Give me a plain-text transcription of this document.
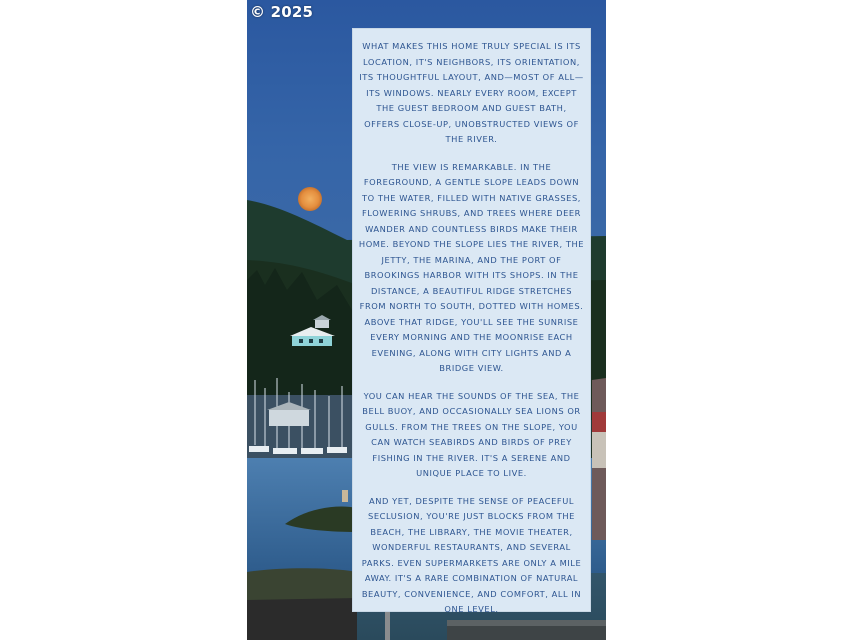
© 2025

WHAT MAKES THIS HOME TRULY SPECIAL IS ITS LOCATION, IT'S NEIGHBORS, ITS ORIENTATION, ITS THOUGHTFUL LAYOUT, AND—MOST OF ALL—ITS WINDOWS. NEARLY EVERY ROOM, EXCEPT THE GUEST BEDROOM AND GUEST BATH, OFFERS CLOSE-UP, UNOBSTRUCTED VIEWS OF THE RIVER.

THE VIEW IS REMARKABLE. IN THE FOREGROUND, A GENTLE SLOPE LEADS DOWN TO THE WATER, FILLED WITH NATIVE GRASSES, FLOWERING SHRUBS, AND TREES WHERE DEER WANDER AND COUNTLESS BIRDS MAKE THEIR HOME. BEYOND THE SLOPE LIES THE RIVER, THE JETTY, THE MARINA, AND THE PORT OF BROOKINGS HARBOR WITH ITS SHOPS. IN THE DISTANCE, A BEAUTIFUL RIDGE STRETCHES FROM NORTH TO SOUTH, DOTTED WITH HOMES. ABOVE THAT RIDGE, YOU'LL SEE THE SUNRISE EVERY MORNING AND THE MOONRISE EACH EVENING, ALONG WITH CITY LIGHTS AND A BRIDGE VIEW.

YOU CAN HEAR THE SOUNDS OF THE SEA, THE BELL BUOY, AND OCCASIONALLY SEA LIONS OR GULLS. FROM THE TREES ON THE SLOPE, YOU CAN WATCH SEABIRDS AND BIRDS OF PREY FISHING IN THE RIVER. IT'S A SERENE AND UNIQUE PLACE TO LIVE.

AND YET, DESPITE THE SENSE OF PEACEFUL SECLUSION, YOU'RE JUST BLOCKS FROM THE BEACH, THE LIBRARY, THE MOVIE THEATER, WONDERFUL RESTAURANTS, AND SEVERAL PARKS. EVEN SUPERMARKETS ARE ONLY A MILE AWAY. IT'S A RARE COMBINATION OF NATURAL BEAUTY, CONVENIENCE, AND COMFORT, ALL IN ONE LEVEL.
